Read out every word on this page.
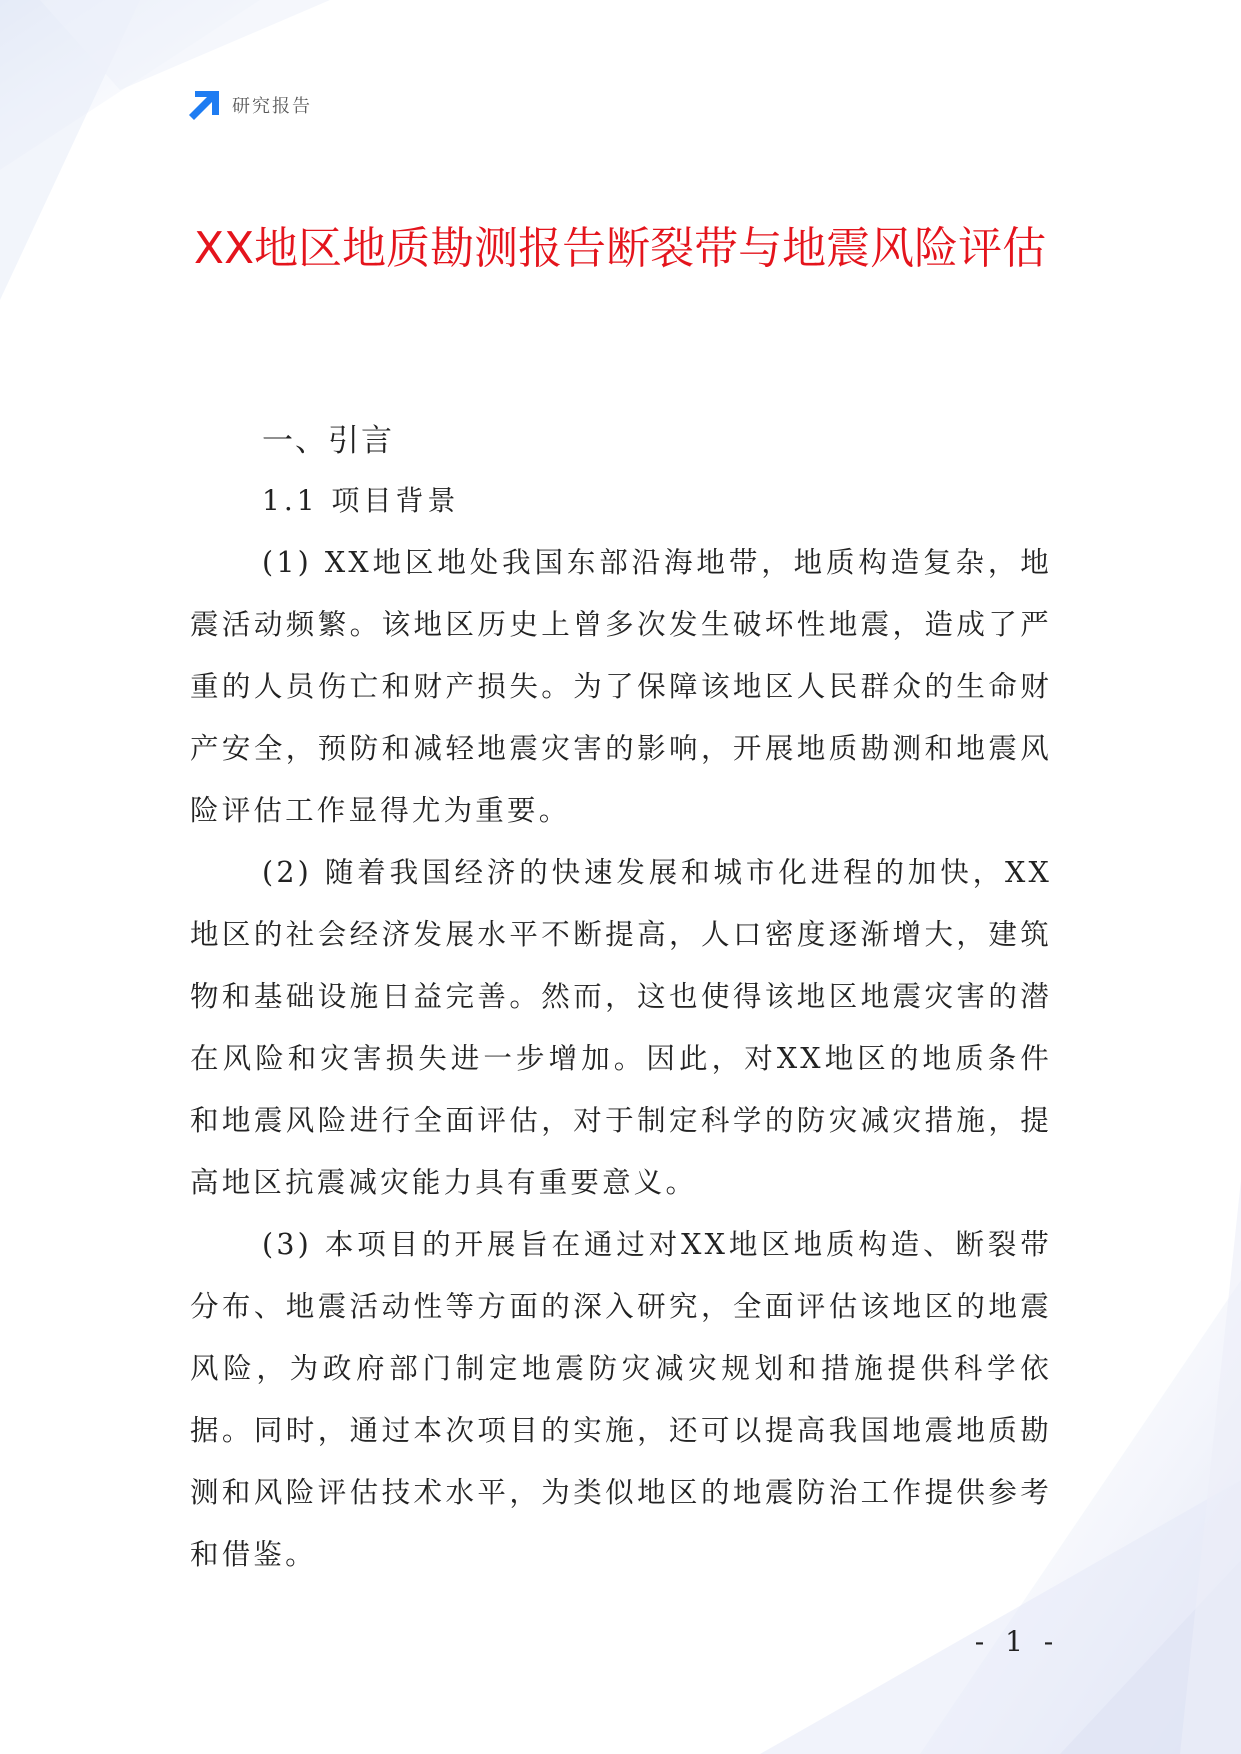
研究报告
XX地区地质勘测报告断裂带与地震风险评估
一、引言
1.1 项目背景

(1) XX地区地处我国东部沿海地带，地质构造复杂，地震活动频繁。该地区历史上曾多次发生破坏性地震，造成了严重的人员伤亡和财产损失。为了保障该地区人民群众的生命财产安全，预防和减轻地震灾害的影响，开展地质勘测和地震风险评估工作显得尤为重要。

(2) 随着我国经济的快速发展和城市化进程的加快，XX地区的社会经济发展水平不断提高，人口密度逐渐增大，建筑物和基础设施日益完善。然而，这也使得该地区地震灾害的潜在风险和灾害损失进一步增加。因此，对XX地区的地质条件和地震风险进行全面评估，对于制定科学的防灾减灾措施，提高地区抗震减灾能力具有重要意义。

(3) 本项目的开展旨在通过对XX地区地质构造、断裂带分布、地震活动性等方面的深入研究，全面评估该地区的地震风险，为政府部门制定地震防灾减灾规划和措施提供科学依据。同时，通过本次项目的实施，还可以提高我国地震地质勘测和风险评估技术水平，为类似地区的地震防治工作提供参考和借鉴。

- 1 -
